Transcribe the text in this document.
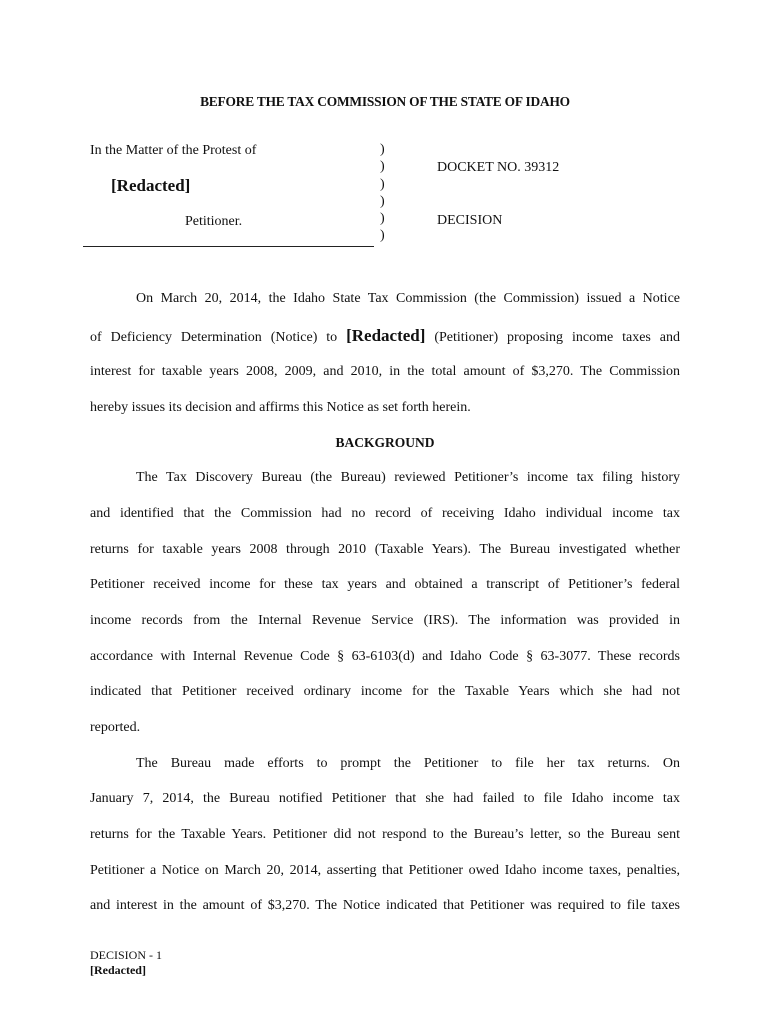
BEFORE THE TAX COMMISSION OF THE STATE OF IDAHO
In the Matter of the Protest of
[Redacted]
Petitioner.
)
)
)
)
)
)
DOCKET NO. 39312
DECISION
On March 20, 2014, the Idaho State Tax Commission (the Commission) issued a Notice
of Deficiency Determination (Notice) to [Redacted] (Petitioner) proposing income taxes and
interest for taxable years 2008, 2009, and 2010, in the total amount of $3,270. The Commission
hereby issues its decision and affirms this Notice as set forth herein.
BACKGROUND
The Tax Discovery Bureau (the Bureau) reviewed Petitioner’s income tax filing history
and identified that the Commission had no record of receiving Idaho individual income tax
returns for taxable years 2008 through 2010 (Taxable Years). The Bureau investigated whether
Petitioner received income for these tax years and obtained a transcript of Petitioner’s federal
income records from the Internal Revenue Service (IRS). The information was provided in
accordance with Internal Revenue Code § 63-6103(d) and Idaho Code § 63-3077. These records
indicated that Petitioner received ordinary income for the Taxable Years which she had not
reported.
The Bureau made efforts to prompt the Petitioner to file her tax returns. On
January 7, 2014, the Bureau notified Petitioner that she had failed to file Idaho income tax
returns for the Taxable Years. Petitioner did not respond to the Bureau’s letter, so the Bureau sent
Petitioner a Notice on March 20, 2014, asserting that Petitioner owed Idaho income taxes, penalties,
and interest in the amount of $3,270. The Notice indicated that Petitioner was required to file taxes
DECISION - 1
[Redacted]
